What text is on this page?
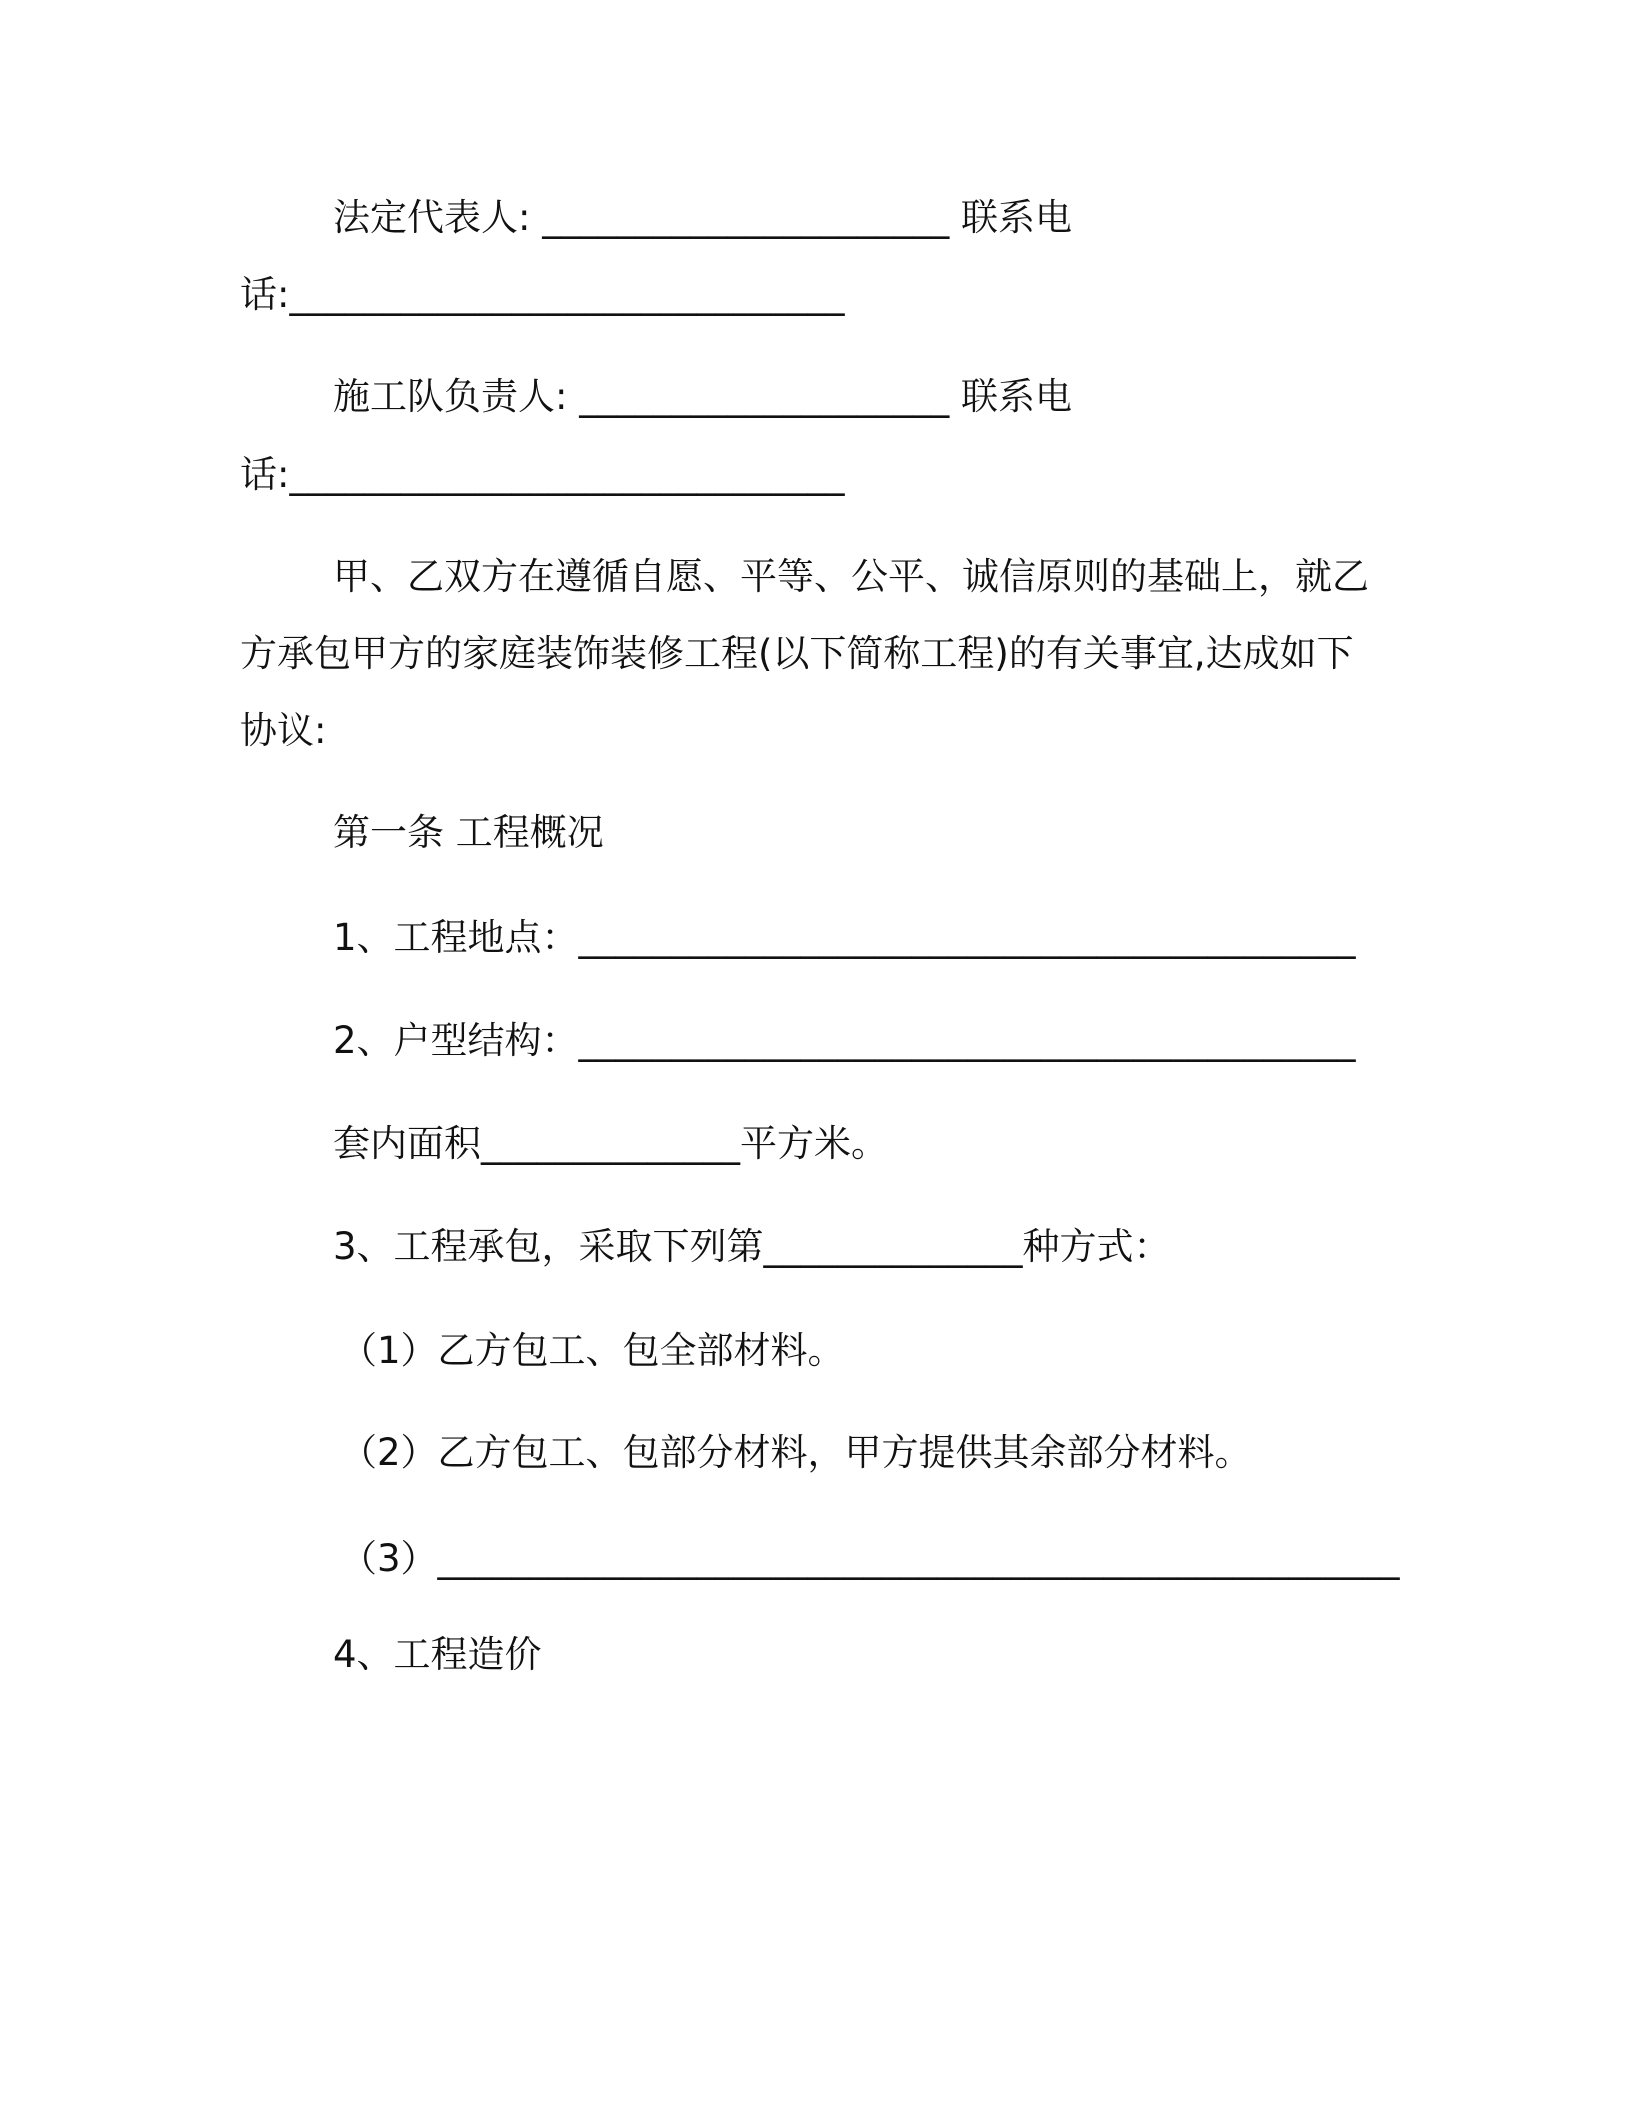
法定代表人: ______________________ 联系电
话:______________________________
施工队负责人: ____________________ 联系电
话:______________________________
甲、乙双方在遵循自愿、平等、公平、诚信原则的基础上，就乙
方承包甲方的家庭装饰装修工程(以下简称工程)的有关事宜,达成如下
协议:
第一条 工程概况
1、工程地点：__________________________________________
2、户型结构：__________________________________________
套内面积______________平方米。
3、工程承包，采取下列第______________种方式：
（1）乙方包工、包全部材料。
（2）乙方包工、包部分材料，甲方提供其余部分材料。
（3）____________________________________________________
4、工程造价
